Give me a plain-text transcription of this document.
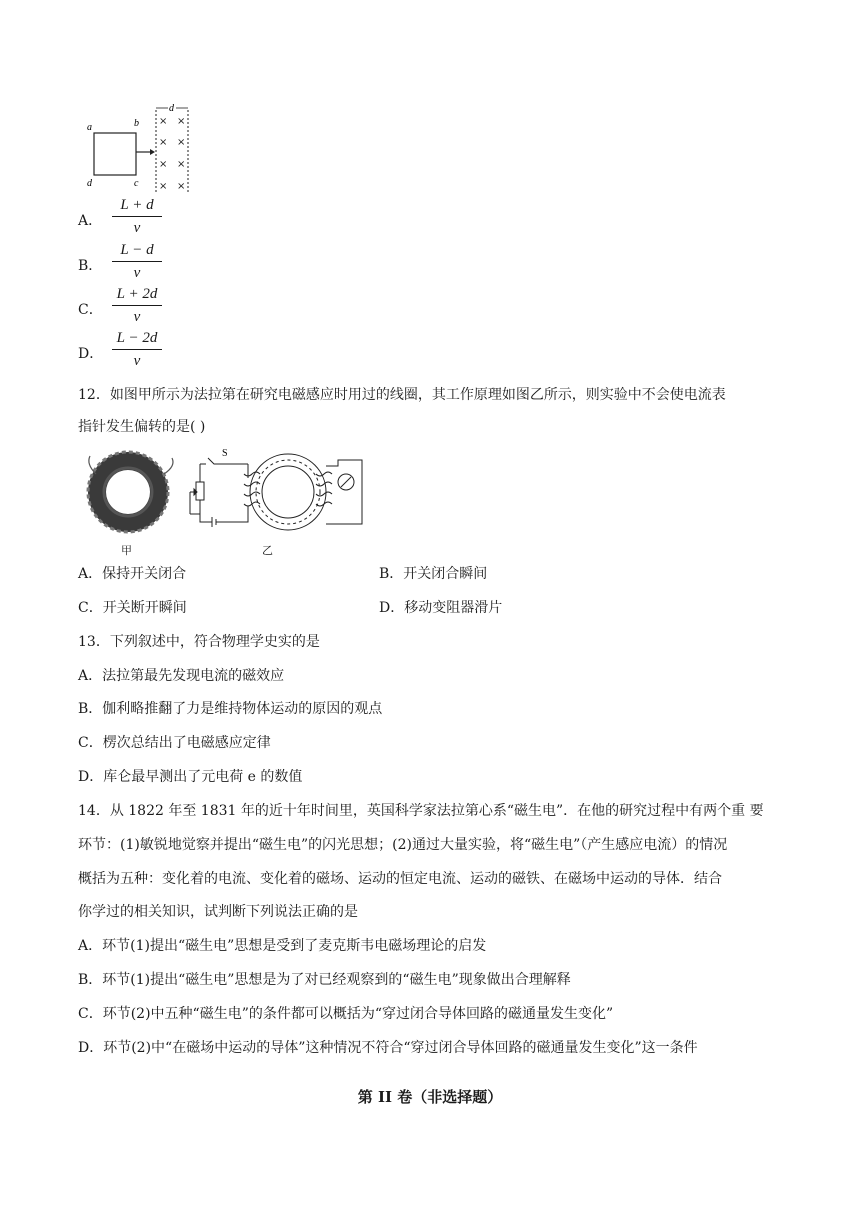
a	b
c
d
d
× ×
× ×
× ×
× ×
A．
L + d
v
B．
L − d
v
C．
L + 2d
v
D．
L − 2d
v
12．如图甲所示为法拉第在研究电磁感应时用过的线圈，其工作原理如图乙所示，则实验中不会使电流表
指针发生偏转的是( )
S
甲	乙
A．保持开关闭合	B．开关闭合瞬间
C．开关断开瞬间	D．移动变阻器滑片
13．下列叙述中，符合物理学史实的是
A．法拉第最先发现电流的磁效应
B．伽利略推翻了力是维持物体运动的原因的观点
C．楞次总结出了电磁感应定律
D．库仑最早测出了元电荷 e 的数值
14．从 1822 年至 1831 年的近十年时间里，英国科学家法拉第心系“磁生电”．在他的研究过程中有两个重 要
环节：(1)敏锐地觉察并提出“磁生电”的闪光思想；(2)通过大量实验，将“磁生电”（产生感应电流）的情况
概括为五种：变化着的电流、变化着的磁场、运动的恒定电流、运动的磁铁、在磁场中运动的导体．结合
你学过的相关知识，试判断下列说法正确的是
A．环节(1)提出“磁生电”思想是受到了麦克斯韦电磁场理论的启发
B．环节(1)提出“磁生电”思想是为了对已经观察到的“磁生电”现象做出合理解释
C．环节(2)中五种“磁生电”的条件都可以概括为“穿过闭合导体回路的磁通量发生变化”
D．环节(2)中“在磁场中运动的导体”这种情况不符合“穿过闭合导体回路的磁通量发生变化”这一条件
第 II 卷（非选择题）
